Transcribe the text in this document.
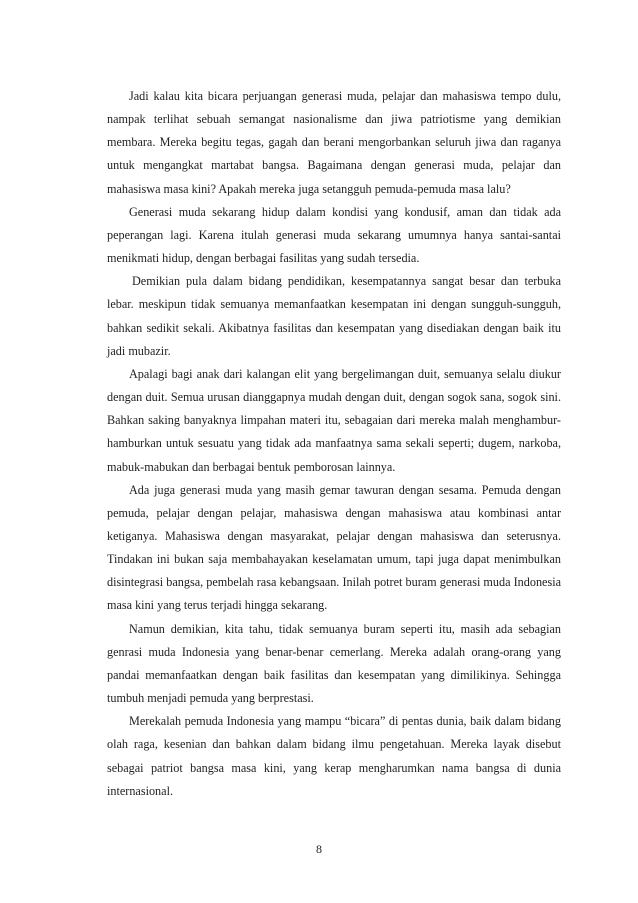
Jadi kalau kita bicara perjuangan generasi muda, pelajar dan mahasiswa tempo dulu, nampak terlihat sebuah semangat nasionalisme dan jiwa patriotisme yang demikian membara. Mereka begitu tegas, gagah dan berani mengorbankan seluruh jiwa dan raganya untuk mengangkat martabat bangsa. Bagaimana dengan generasi muda, pelajar dan mahasiswa masa kini? Apakah mereka juga setangguh pemuda-pemuda masa lalu?

Generasi muda sekarang hidup dalam kondisi yang kondusif, aman dan tidak ada peperangan lagi. Karena itulah generasi muda sekarang umumnya hanya santai-santai menikmati hidup, dengan berbagai fasilitas yang sudah tersedia.

Demikian pula dalam bidang pendidikan, kesempatannya sangat besar dan terbuka lebar. meskipun tidak semuanya memanfaatkan kesempatan ini dengan sungguh-sungguh, bahkan sedikit sekali. Akibatnya fasilitas dan kesempatan yang disediakan dengan baik itu jadi mubazir.

Apalagi bagi anak dari kalangan elit yang bergelimangan duit, semuanya selalu diukur dengan duit. Semua urusan dianggapnya mudah dengan duit, dengan sogok sana, sogok sini. Bahkan saking banyaknya limpahan materi itu, sebagaian dari mereka malah menghambur-hamburkan untuk sesuatu yang tidak ada manfaatnya sama sekali seperti; dugem, narkoba, mabuk-mabukan dan berbagai bentuk pemborosan lainnya.

Ada juga generasi muda yang masih gemar tawuran dengan sesama. Pemuda dengan pemuda, pelajar dengan pelajar, mahasiswa dengan mahasiswa atau kombinasi antar ketiganya. Mahasiswa dengan masyarakat, pelajar dengan mahasiswa dan seterusnya. Tindakan ini bukan saja membahayakan keselamatan umum, tapi juga dapat menimbulkan disintegrasi bangsa, pembelah rasa kebangsaan. Inilah potret buram generasi muda Indonesia masa kini yang terus terjadi hingga sekarang.

Namun demikian, kita tahu, tidak semuanya buram seperti itu, masih ada sebagian genrasi muda Indonesia yang benar-benar cemerlang. Mereka adalah orang-orang yang pandai memanfaatkan dengan baik fasilitas dan kesempatan yang dimilikinya. Sehingga tumbuh menjadi pemuda yang berprestasi.

Merekalah pemuda Indonesia yang mampu “bicara” di pentas dunia, baik dalam bidang olah raga, kesenian dan bahkan dalam bidang ilmu pengetahuan. Mereka layak disebut sebagai patriot bangsa masa kini, yang kerap mengharumkan nama bangsa di dunia internasional.

8
